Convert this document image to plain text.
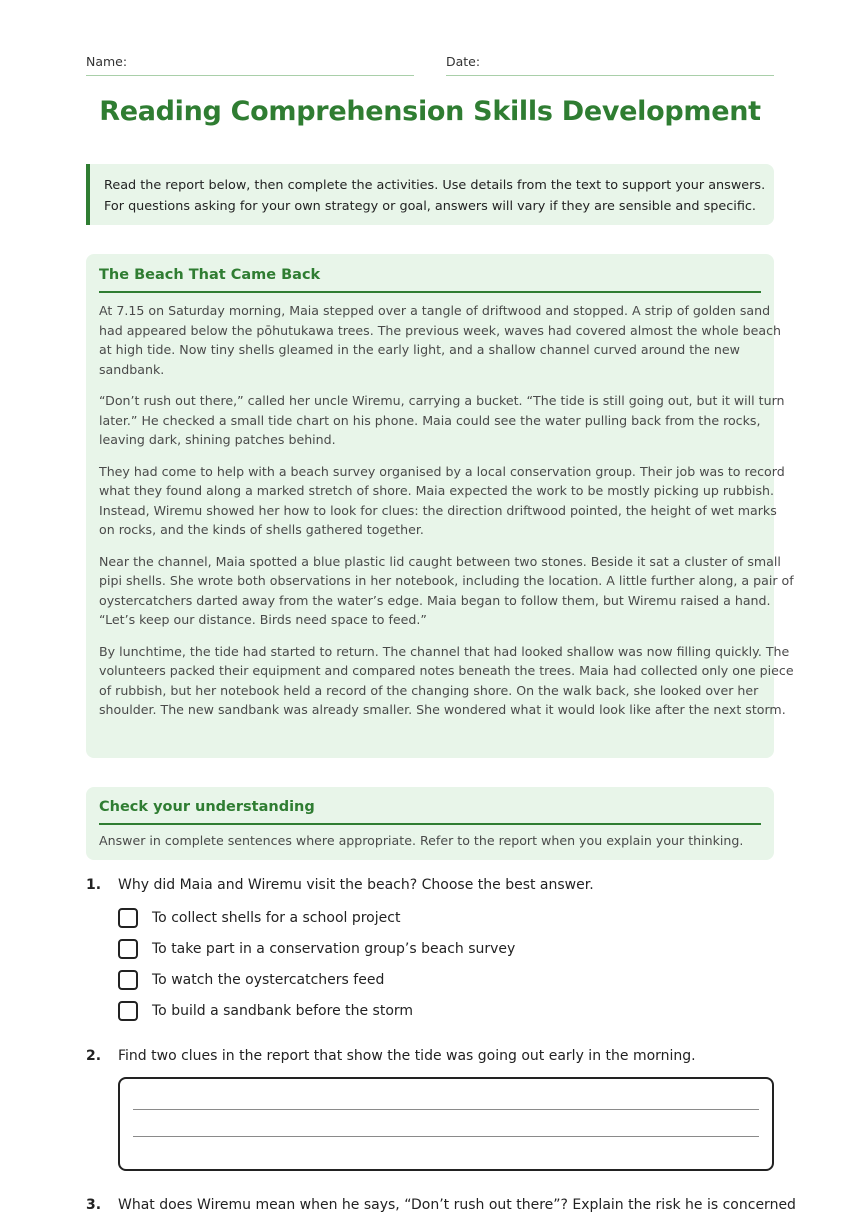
Name:	Date:
Reading Comprehension Skills Development
Read the report below, then complete the activities. Use details from the text to support your answers.
For questions asking for your own strategy or goal, answers will vary if they are sensible and specific.
The Beach That Came Back
At 7.15 on Saturday morning, Maia stepped over a tangle of driftwood and stopped. A strip of golden sand
had appeared below the pōhutukawa trees. The previous week, waves had covered almost the whole beach
at high tide. Now tiny shells gleamed in the early light, and a shallow channel curved around the new
sandbank.
“Don’t rush out there,” called her uncle Wiremu, carrying a bucket. “The tide is still going out, but it will turn
later.” He checked a small tide chart on his phone. Maia could see the water pulling back from the rocks,
leaving dark, shining patches behind.
They had come to help with a beach survey organised by a local conservation group. Their job was to record
what they found along a marked stretch of shore. Maia expected the work to be mostly picking up rubbish.
Instead, Wiremu showed her how to look for clues: the direction driftwood pointed, the height of wet marks
on rocks, and the kinds of shells gathered together.
Near the channel, Maia spotted a blue plastic lid caught between two stones. Beside it sat a cluster of small
pipi shells. She wrote both observations in her notebook, including the location. A little further along, a pair of
oystercatchers darted away from the water’s edge. Maia began to follow them, but Wiremu raised a hand.
“Let’s keep our distance. Birds need space to feed.”
By lunchtime, the tide had started to return. The channel that had looked shallow was now filling quickly. The
volunteers packed their equipment and compared notes beneath the trees. Maia had collected only one piece
of rubbish, but her notebook held a record of the changing shore. On the walk back, she looked over her
shoulder. The new sandbank was already smaller. She wondered what it would look like after the next storm.
Check your understanding
Answer in complete sentences where appropriate. Refer to the report when you explain your thinking.
1. Why did Maia and Wiremu visit the beach? Choose the best answer.
To collect shells for a school project
To take part in a conservation group’s beach survey
To watch the oystercatchers feed
To build a sandbank before the storm
2. Find two clues in the report that show the tide was going out early in the morning.
3. What does Wiremu mean when he says, “Don’t rush out there”? Explain the risk he is concerned
